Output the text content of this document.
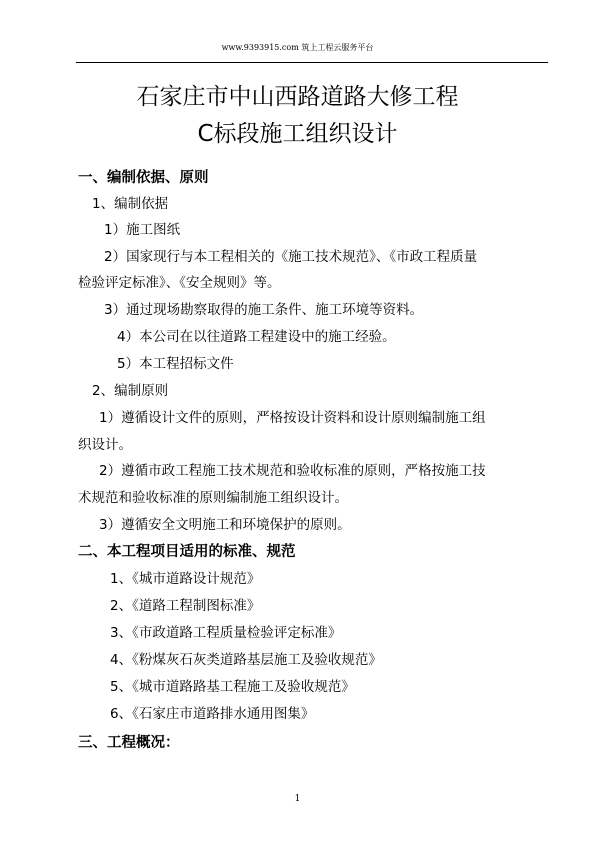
www.9393915.com 筑上工程云服务平台
石家庄市中山西路道路大修工程
C标段施工组织设计
一、编制依据、原则
1、编制依据
1）施工图纸
2）国家现行与本工程相关的《施工技术规范》、《市政工程质量
检验评定标准》、《安全规则》等。
3）通过现场勘察取得的施工条件、施工环境等资料。
4）本公司在以往道路工程建设中的施工经验。
5）本工程招标文件
2、编制原则
1）遵循设计文件的原则，严格按设计资料和设计原则编制施工组
织设计。
2）遵循市政工程施工技术规范和验收标准的原则，严格按施工技
术规范和验收标准的原则编制施工组织设计。
3）遵循安全文明施工和环境保护的原则。
二、本工程项目适用的标准、规范
1、《城市道路设计规范》
2、《道路工程制图标准》
3、《市政道路工程质量检验评定标准》
4、《粉煤灰石灰类道路基层施工及验收规范》
5、《城市道路路基工程施工及验收规范》
6、《石家庄市道路排水通用图集》
三、工程概况：
1
